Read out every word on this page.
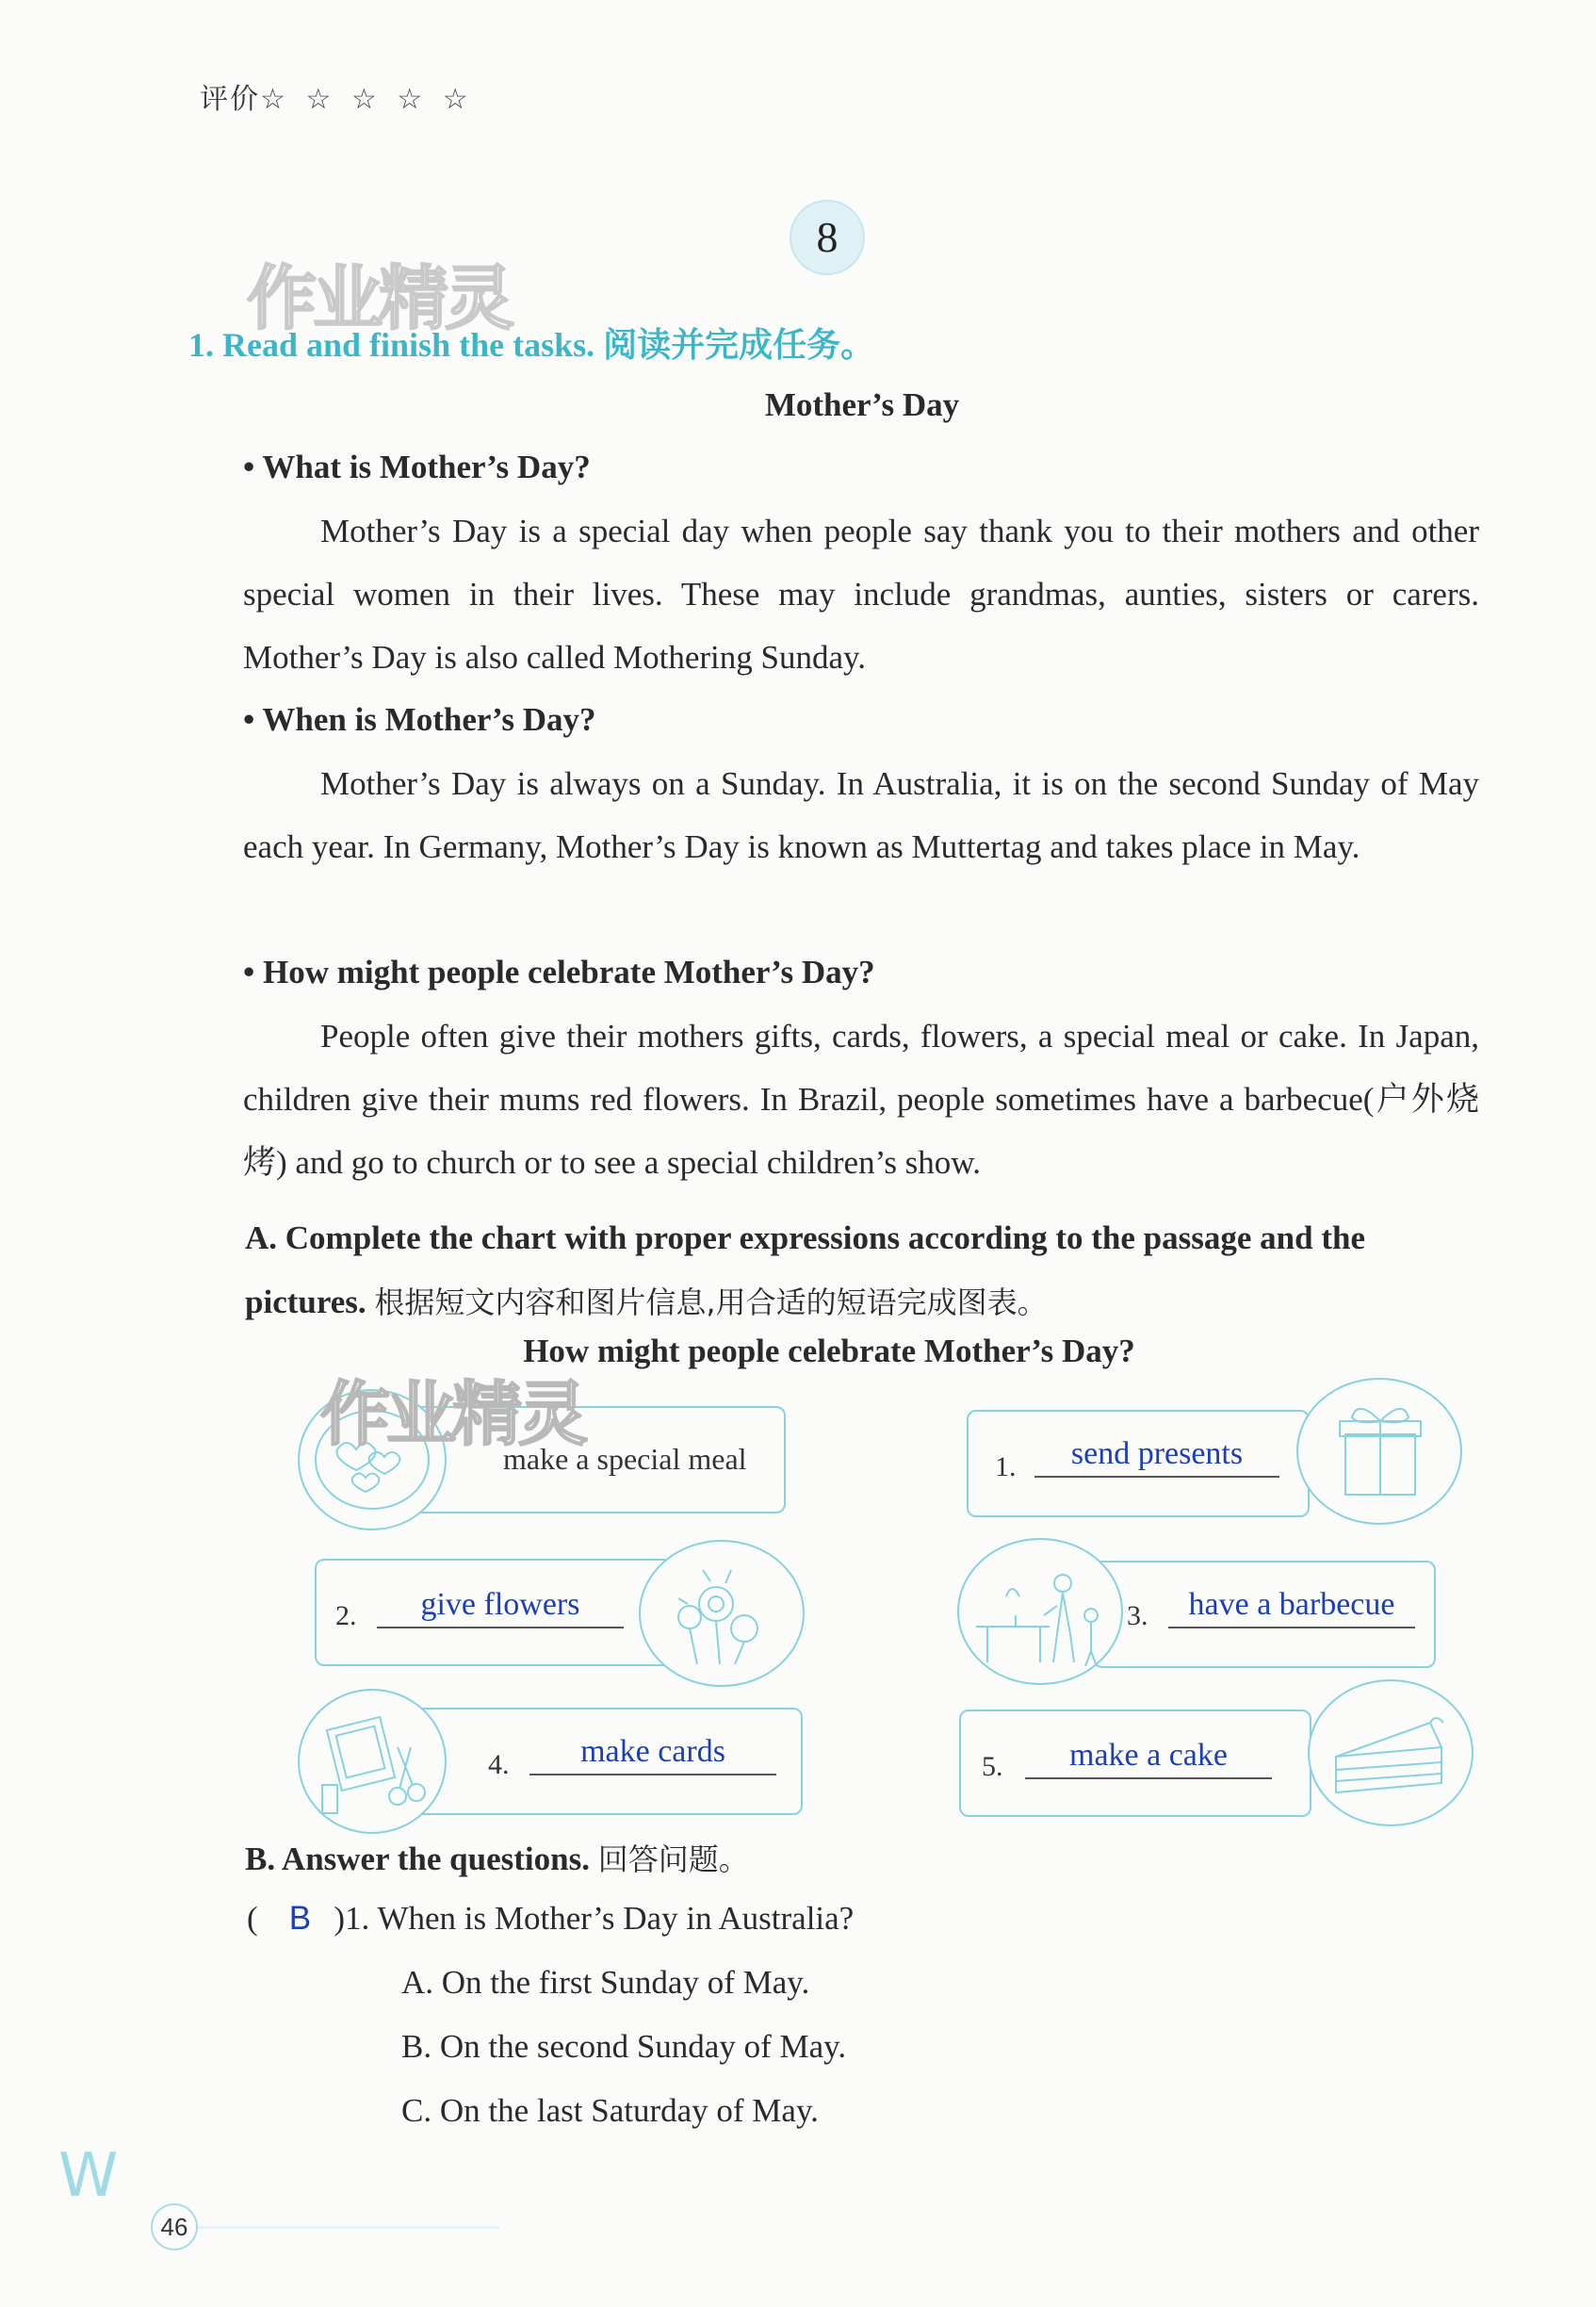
评价☆ ☆ ☆ ☆ ☆
8
作业精灵
1. Read and finish the tasks. 阅读并完成任务。
Mother’s Day
• What is Mother’s Day?
Mother’s Day is a special day when people say thank you to their mothers and other special women in their lives. These may include grandmas, aunties, sisters or carers. Mother’s Day is also called Mothering Sunday.
• When is Mother’s Day?
Mother’s Day is always on a Sunday. In Australia, it is on the second Sunday of May each year. In Germany, Mother’s Day is known as Muttertag and takes place in May.
• How might people celebrate Mother’s Day?
People often give their mothers gifts, cards, flowers, a special meal or cake. In Japan, children give their mums red flowers. In Brazil, people sometimes have a barbecue(户外烧烤) and go to church or to see a special children’s show.
A. Complete the chart with proper expressions according to the passage and the pictures. 根据短文内容和图片信息,用合适的短语完成图表。
How might people celebrate Mother’s Day?
make a special meal	1.	send presents
2.	give flowers	3.	have a barbecue
4.	make cards	5.	make a cake
作业精灵
B. Answer the questions. 回答问题。
( B )1. When is Mother’s Day in Australia?
A. On the first Sunday of May.
B. On the second Sunday of May.
C. On the last Saturday of May.
W
46
